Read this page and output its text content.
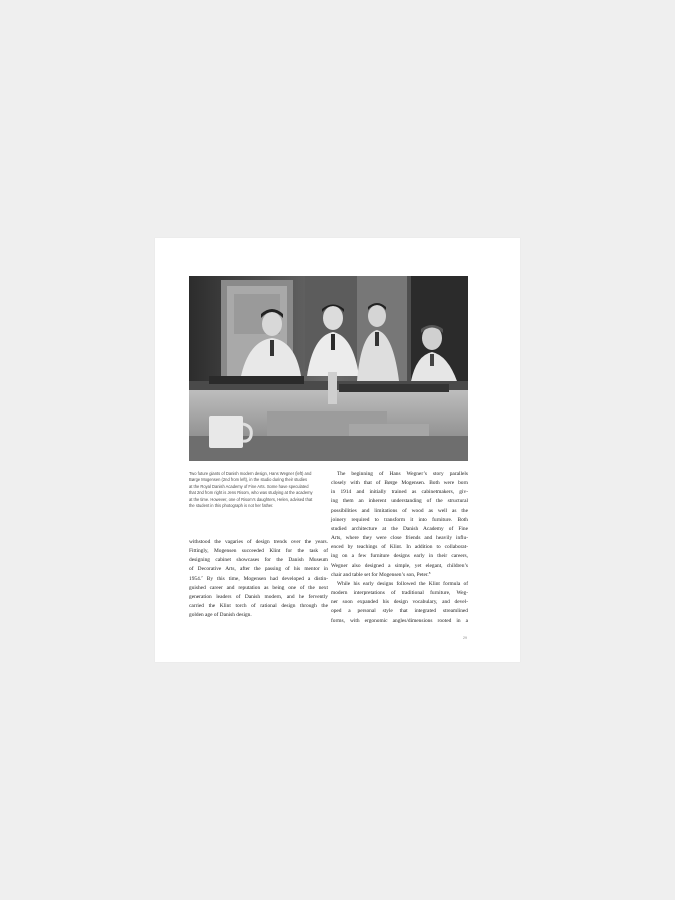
Two future giants of Danish modern design, Hans Wegner (left) and
Børge Mogensen (2nd from left), in the studio during their studies
at the Royal Danish Academy of Fine Arts. Some have speculated
that 2nd from right is Jens Risom, who was studying at the academy
at the time. However, one of Risom’s daughters, Helen, advised that
the student in this photograph is not her father.
withstood the vagaries of design trends over the years.
Fittingly, Mogensen succeeded Klint for the task of
designing cabinet showcases for the Danish Museum
of Decorative Arts, after the passing of his mentor in
1954.$^7$ By this time, Mogensen had developed a distin-
guished career and reputation as being one of the next
generation leaders of Danish modern, and he fervently
carried the Klint torch of rational design through the
golden age of Danish design.
The beginning of Hans Wegner’s story parallels
closely with that of Børge Mogensen. Both were born
in 1914 and initially trained as cabinetmakers, giv-
ing them an inherent understanding of the structural
possibilities and limitations of wood as well as the
joinery required to transform it into furniture. Both
studied architecture at the Danish Academy of Fine
Arts, where they were close friends and heavily influ-
enced by teachings of Klint. In addition to collaborat-
ing on a few furniture designs early in their careers,
Wegner also designed a simple, yet elegant, children’s
chair and table set for Mogensen’s son, Peter.$^8$
While his early designs followed the Klint formula of
modern interpretations of traditional furniture, Weg-
ner soon expanded his design vocabulary, and devel-
oped a personal style that integrated streamlined
forms, with ergonomic angles/dimensions rooted in a
29
